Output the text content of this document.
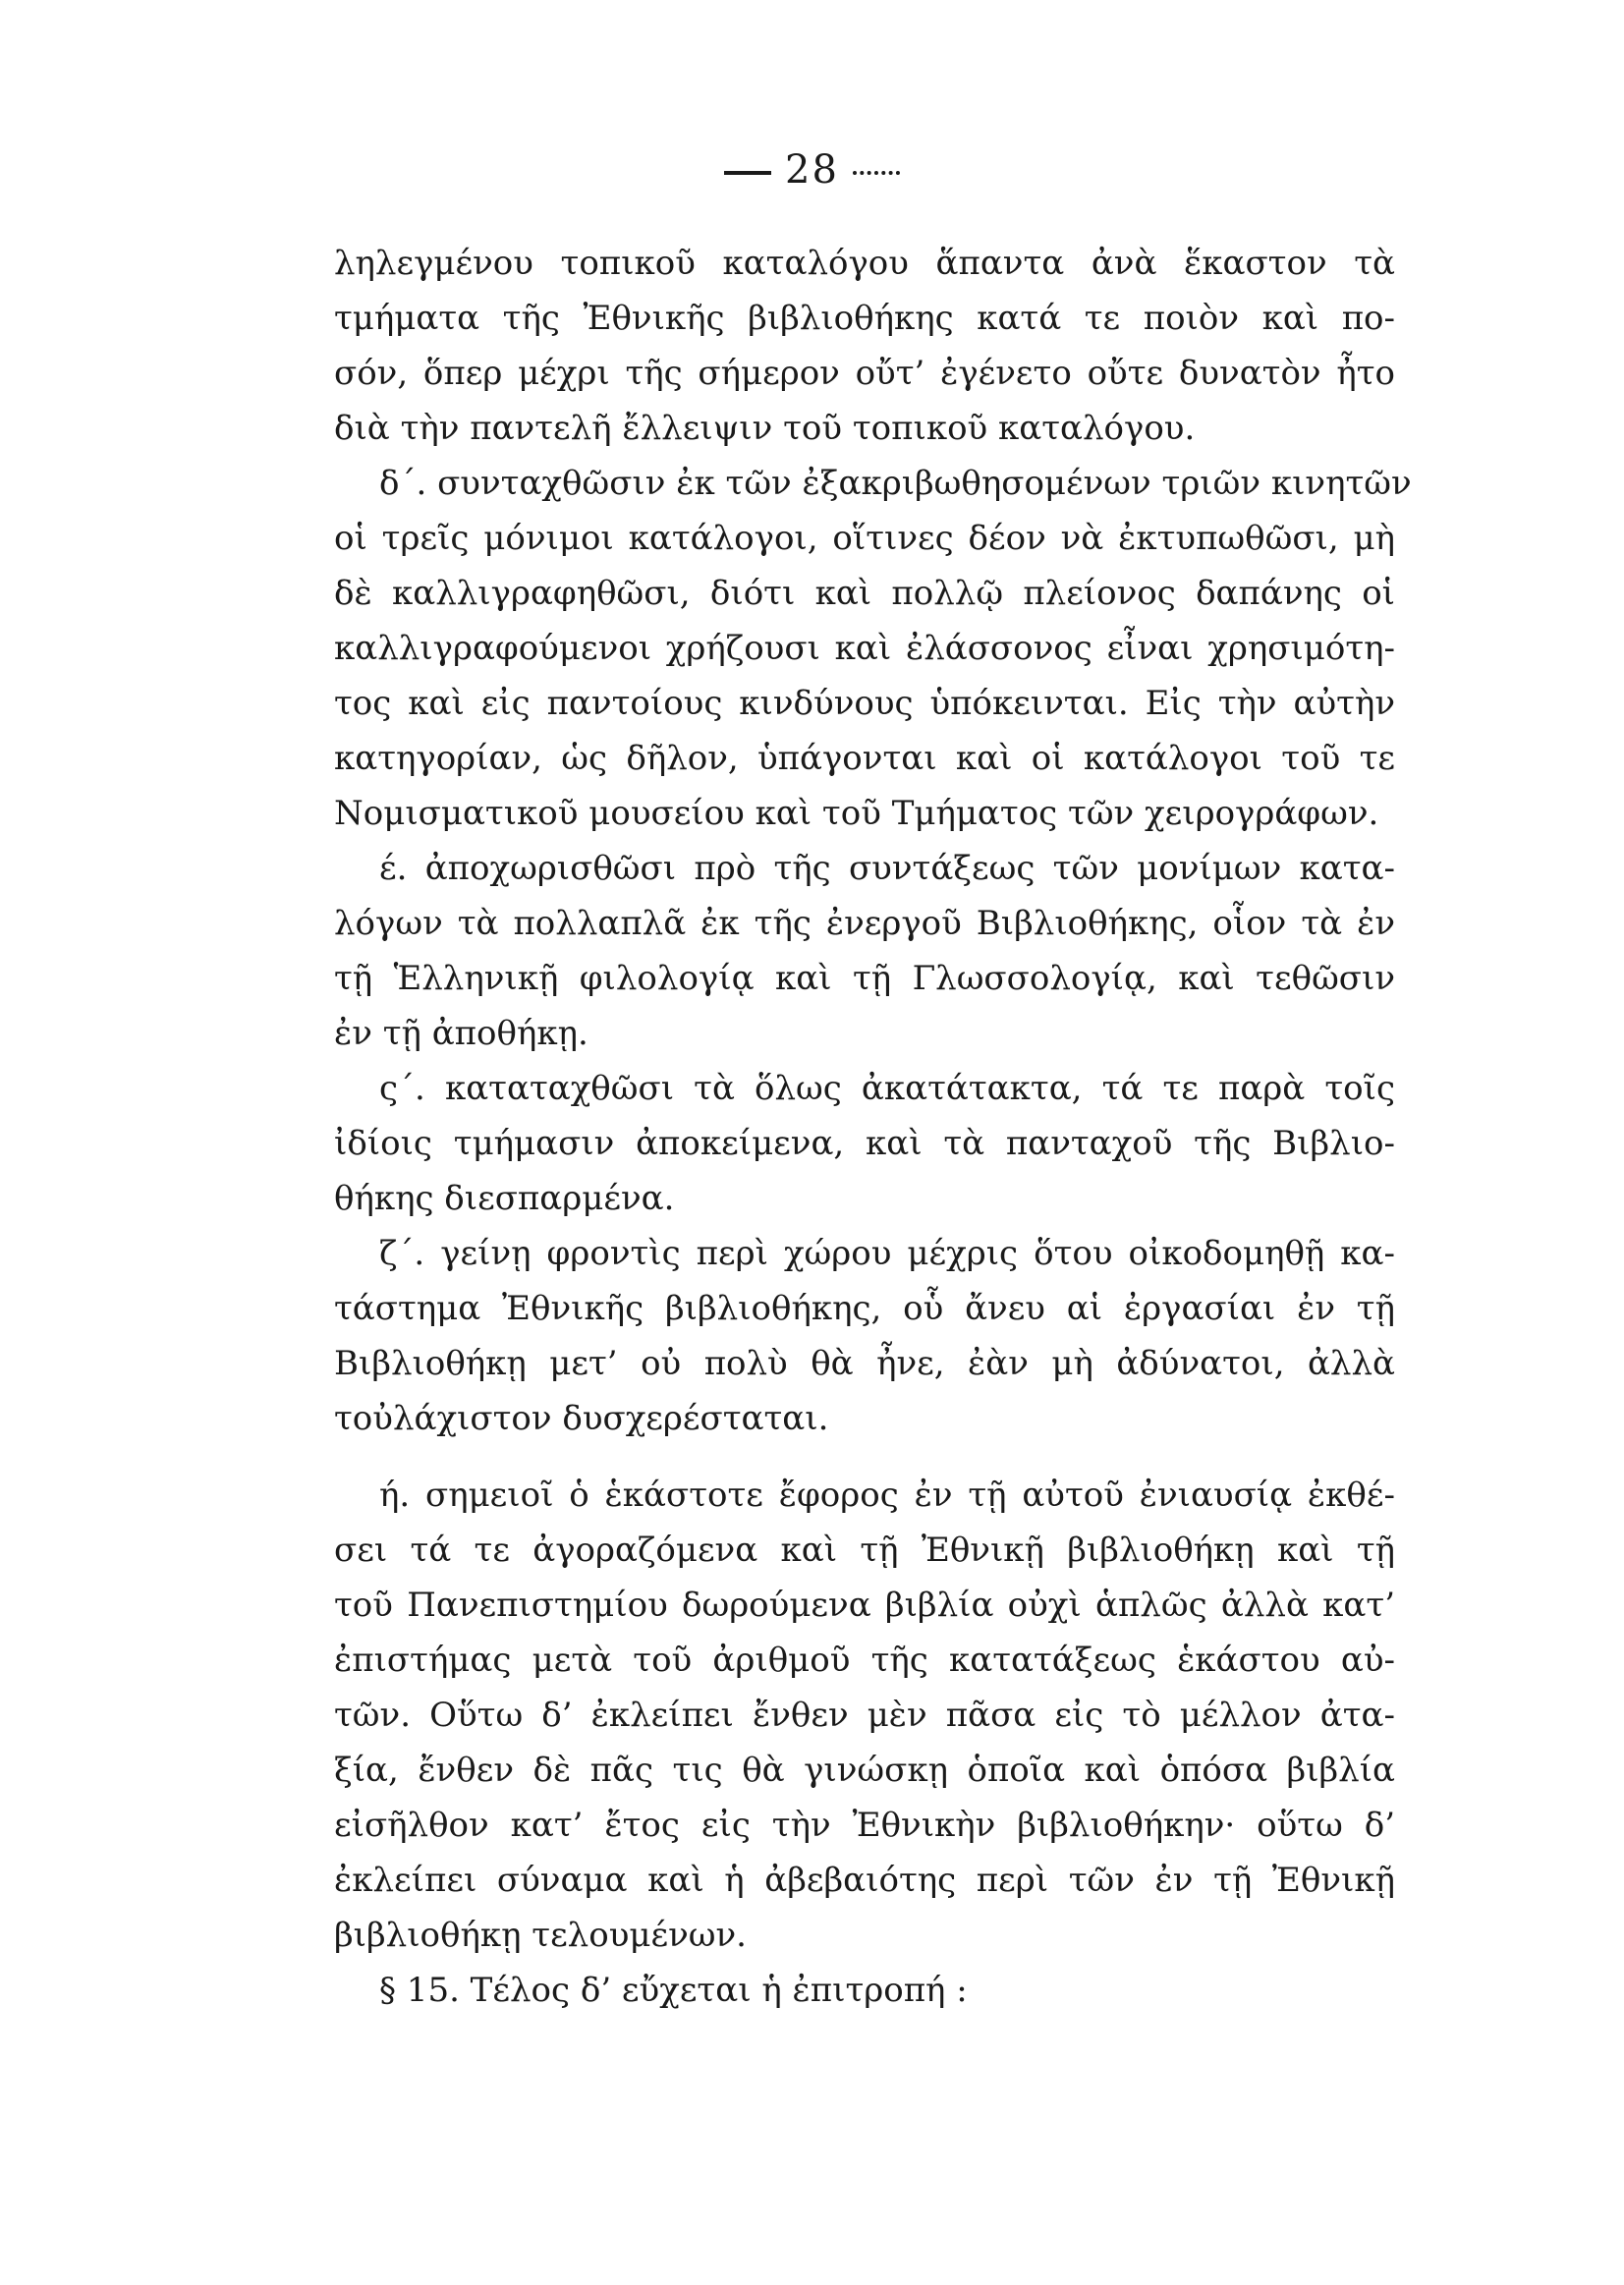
28
ληλεγμένου τοπικοῦ καταλόγου ἅπαντα ἀνὰ ἕκαστον τὰ
τμήματα τῆς Ἐθνικῆς βιβλιοθήκης κατά τε ποιὸν καὶ πο-
σόν, ὅπερ μέχρι τῆς σήμερον οὔτ’ ἐγένετο οὔτε δυνατὸν ἦτο
διὰ τὴν παντελῆ ἔλλειψιν τοῦ τοπικοῦ καταλόγου.
δ΄. συνταχθῶσιν ἐκ τῶν ἐξακριβωθησομένων τριῶν κινητῶν
οἱ τρεῖς μόνιμοι κατάλογοι, οἵτινες δέον νὰ ἐκτυπωθῶσι, μὴ
δὲ καλλιγραφηθῶσι, διότι καὶ πολλῷ πλείονος δαπάνης οἱ
καλλιγραφούμενοι χρήζουσι καὶ ἐλάσσονος εἶναι χρησιμότη-
τος καὶ εἰς παντοίους κινδύνους ὑπόκεινται. Εἰς τὴν αὐτὴν
κατηγορίαν, ὡς δῆλον, ὑπάγονται καὶ οἱ κατάλογοι τοῦ τε
Νομισματικοῦ μουσείου καὶ τοῦ Τμήματος τῶν χειρογράφων.
έ. ἀποχωρισθῶσι πρὸ τῆς συντάξεως τῶν μονίμων κατα-
λόγων τὰ πολλαπλᾶ ἐκ τῆς ἐνεργοῦ Βιβλιοθήκης, οἷον τὰ ἐν
τῇ Ἑλληνικῇ φιλολογίᾳ καὶ τῇ Γλωσσολογίᾳ, καὶ τεθῶσιν
ἐν τῇ ἀποθήκῃ.
ς΄. καταταχθῶσι τὰ ὅλως ἀκατάτακτα, τά τε παρὰ τοῖς
ἰδίοις τμήμασιν ἀποκείμενα, καὶ τὰ πανταχοῦ τῆς Βιβλιο-
θήκης διεσπαρμένα.
ζ΄. γείνῃ φροντὶς περὶ χώρου μέχρις ὅτου οἰκοδομηθῇ κα-
τάστημα Ἐθνικῆς βιβλιοθήκης, οὗ ἄνευ αἱ ἐργασίαι ἐν τῇ
Βιβλιοθήκῃ μετ’ οὐ πολὺ θὰ ἦνε, ἐὰν μὴ ἀδύνατοι, ἀλλὰ
τοὐλάχιστον δυσχερέσταται.
ή. σημειοῖ ὁ ἑκάστοτε ἔφορος ἐν τῇ αὐτοῦ ἐνιαυσίᾳ ἐκθέ-
σει τά τε ἀγοραζόμενα καὶ τῇ Ἐθνικῇ βιβλιοθήκῃ καὶ τῇ
τοῦ Πανεπιστημίου δωρούμενα βιβλία οὐχὶ ἁπλῶς ἀλλὰ κατ’
ἐπιστήμας μετὰ τοῦ ἀριθμοῦ τῆς κατατάξεως ἑκάστου αὐ-
τῶν. Οὕτω δ’ ἐκλείπει ἔνθεν μὲν πᾶσα εἰς τὸ μέλλον ἀτα-
ξία, ἔνθεν δὲ πᾶς τις θὰ γινώσκῃ ὁποῖα καὶ ὁπόσα βιβλία
εἰσῆλθον κατ’ ἔτος εἰς τὴν Ἐθνικὴν βιβλιοθήκην· οὕτω δ’
ἐκλείπει σύναμα καὶ ἡ ἀβεβαιότης περὶ τῶν ἐν τῇ Ἐθνικῇ
βιβλιοθήκῃ τελουμένων.
§ 15. Τέλος δ’ εὔχεται ἡ ἐπιτροπή :
